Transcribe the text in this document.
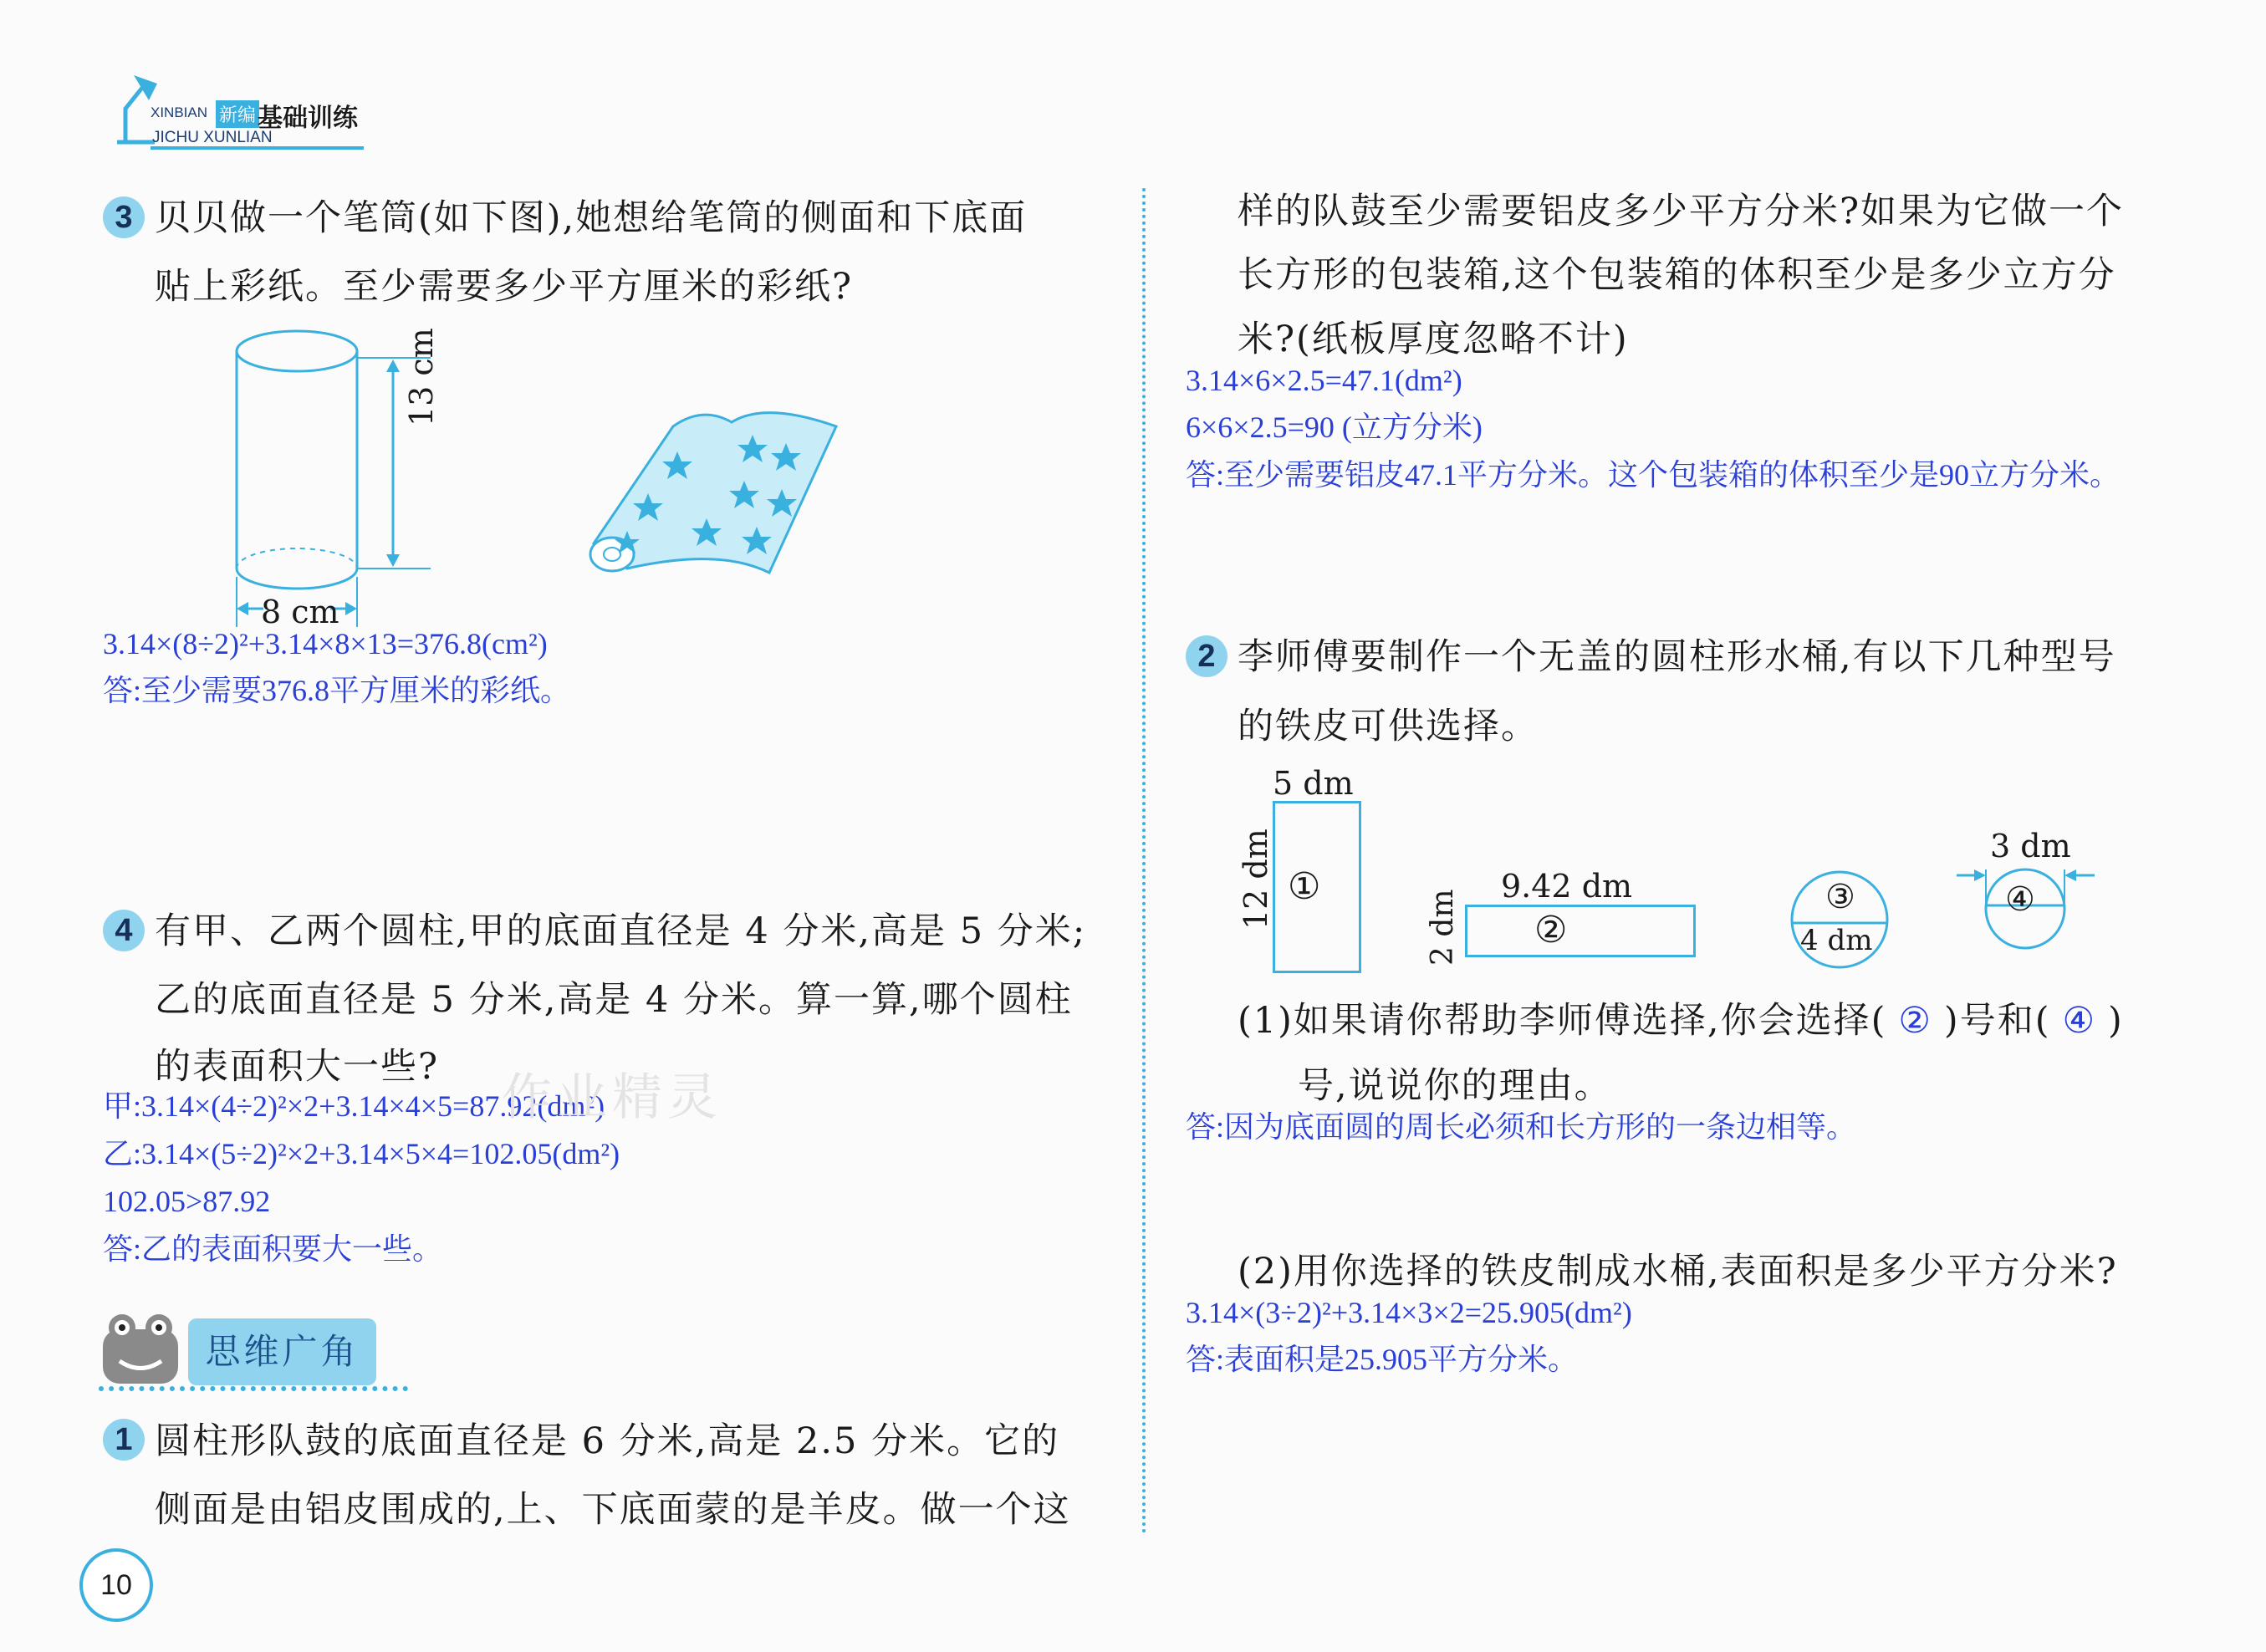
XINBIAN 新编 基础训练
JICHU XUNLIAN
3 贝贝做一个笔筒(如下图),她想给笔筒的侧面和下底面
贴上彩纸。至少需要多少平方厘米的彩纸?
13 cm
8 cm
3.14×(8÷2)²+3.14×8×13=376.8(cm²)
答:至少需要376.8平方厘米的彩纸。
4 有甲、乙两个圆柱,甲的底面直径是 4 分米,高是 5 分米;
乙的底面直径是 5 分米,高是 4 分米。算一算,哪个圆柱
的表面积大一些?
甲:3.14×(4÷2)²×2+3.14×4×5=87.92(dm²)
乙:3.14×(5÷2)²×2+3.14×5×4=102.05(dm²)
102.05>87.92
答:乙的表面积要大一些。
作业精灵
思维广角
1 圆柱形队鼓的底面直径是 6 分米,高是 2.5 分米。它的
侧面是由铝皮围成的,上、下底面蒙的是羊皮。做一个这
10
样的队鼓至少需要铝皮多少平方分米?如果为它做一个
长方形的包装箱,这个包装箱的体积至少是多少立方分
米?(纸板厚度忽略不计)
3.14×6×2.5=47.1(dm²)
6×6×2.5=90 (立方分米)
答:至少需要铝皮47.1平方分米。这个包装箱的体积至少是90立方分米。
2 李师傅要制作一个无盖的圆柱形水桶,有以下几种型号
的铁皮可供选择。
5 dm
12 dm ①	9.42 dm
2 dm ②
③
4 dm
3 dm
④
(1)如果请你帮助李师傅选择,你会选择( ② )号和( ④ )
号,说说你的理由。
答:因为底面圆的周长必须和长方形的一条边相等。
(2)用你选择的铁皮制成水桶,表面积是多少平方分米?
3.14×(3÷2)²+3.14×3×2=25.905(dm²)
答:表面积是25.905平方分米。
